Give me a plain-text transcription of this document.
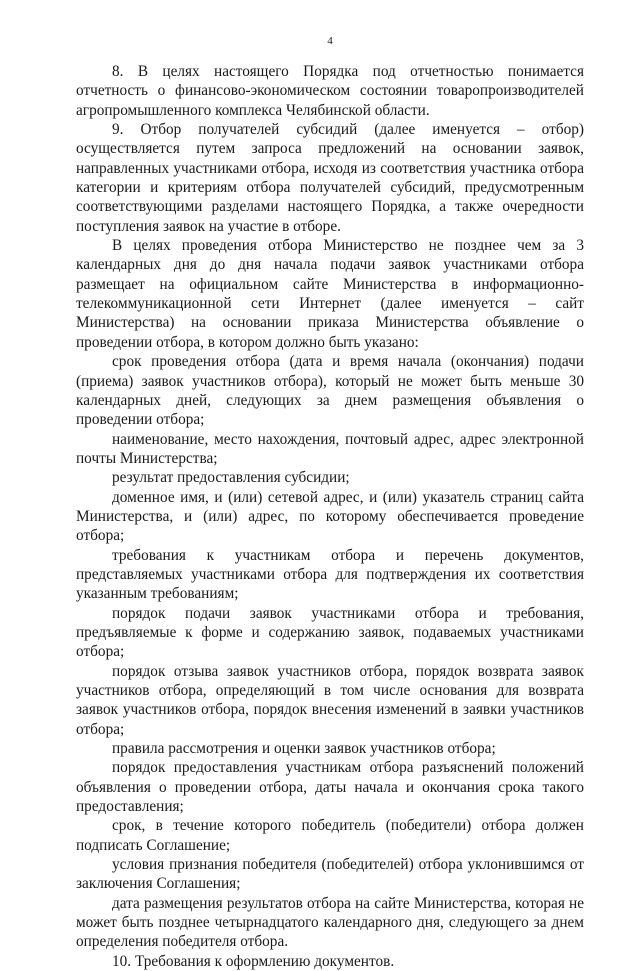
4

8. В целях настоящего Порядка под отчетностью понимается отчетность о финансово-экономическом состоянии товаропроизводителей агропромышленного комплекса Челябинской области.

9. Отбор получателей субсидий (далее именуется – отбор) осуществляется путем запроса предложений на основании заявок, направленных участниками отбора, исходя из соответствия участника отбора категории и критериям отбора получателей субсидий, предусмотренным соответствующими разделами настоящего Порядка, а также очередности поступления заявок на участие в отборе.

В целях проведения отбора Министерство не позднее чем за 3 календарных дня до дня начала подачи заявок участниками отбора размещает на официальном сайте Министерства в информационно-телекоммуникационной сети Интернет (далее именуется – сайт Министерства) на основании приказа Министерства объявление о проведении отбора, в котором должно быть указано:

срок проведения отбора (дата и время начала (окончания) подачи (приема) заявок участников отбора), который не может быть меньше 30 календарных дней, следующих за днем размещения объявления о проведении отбора;

наименование, место нахождения, почтовый адрес, адрес электронной почты Министерства;

результат предоставления субсидии;

доменное имя, и (или) сетевой адрес, и (или) указатель страниц сайта Министерства, и (или) адрес, по которому обеспечивается проведение отбора;

требования к участникам отбора и перечень документов, представляемых участниками отбора для подтверждения их соответствия указанным требованиям;

порядок подачи заявок участниками отбора и требования, предъявляемые к форме и содержанию заявок, подаваемых участниками отбора;

порядок отзыва заявок участников отбора, порядок возврата заявок участников отбора, определяющий в том числе основания для возврата заявок участников отбора, порядок внесения изменений в заявки участников отбора;

правила рассмотрения и оценки заявок участников отбора;

порядок предоставления участникам отбора разъяснений положений объявления о проведении отбора, даты начала и окончания срока такого предоставления;

срок, в течение которого победитель (победители) отбора должен подписать Соглашение;

условия признания победителя (победителей) отбора уклонившимся от заключения Соглашения;

дата размещения результатов отбора на сайте Министерства, которая не может быть позднее четырнадцатого календарного дня, следующего за днем определения победителя отбора.

10. Требования к оформлению документов.
